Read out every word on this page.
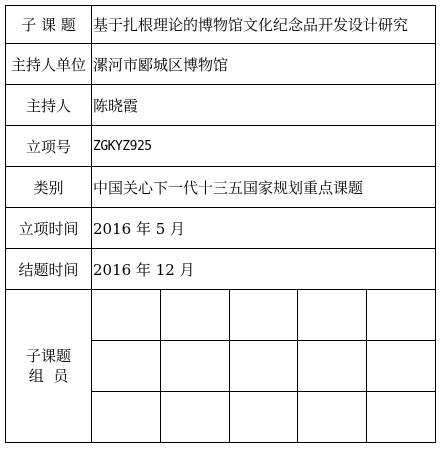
子 课 题	基于扎根理论的博物馆文化纪念品开发设计研究
主持人单位	漯河市郾城区博物馆
主持人	陈晓霞
立项号	ZGKYZ925
类别	中国关心下一代十三五国家规划重点课题
立项时间	2016 年 5 月
结题时间	2016 年 12 月

子课题
组  员
